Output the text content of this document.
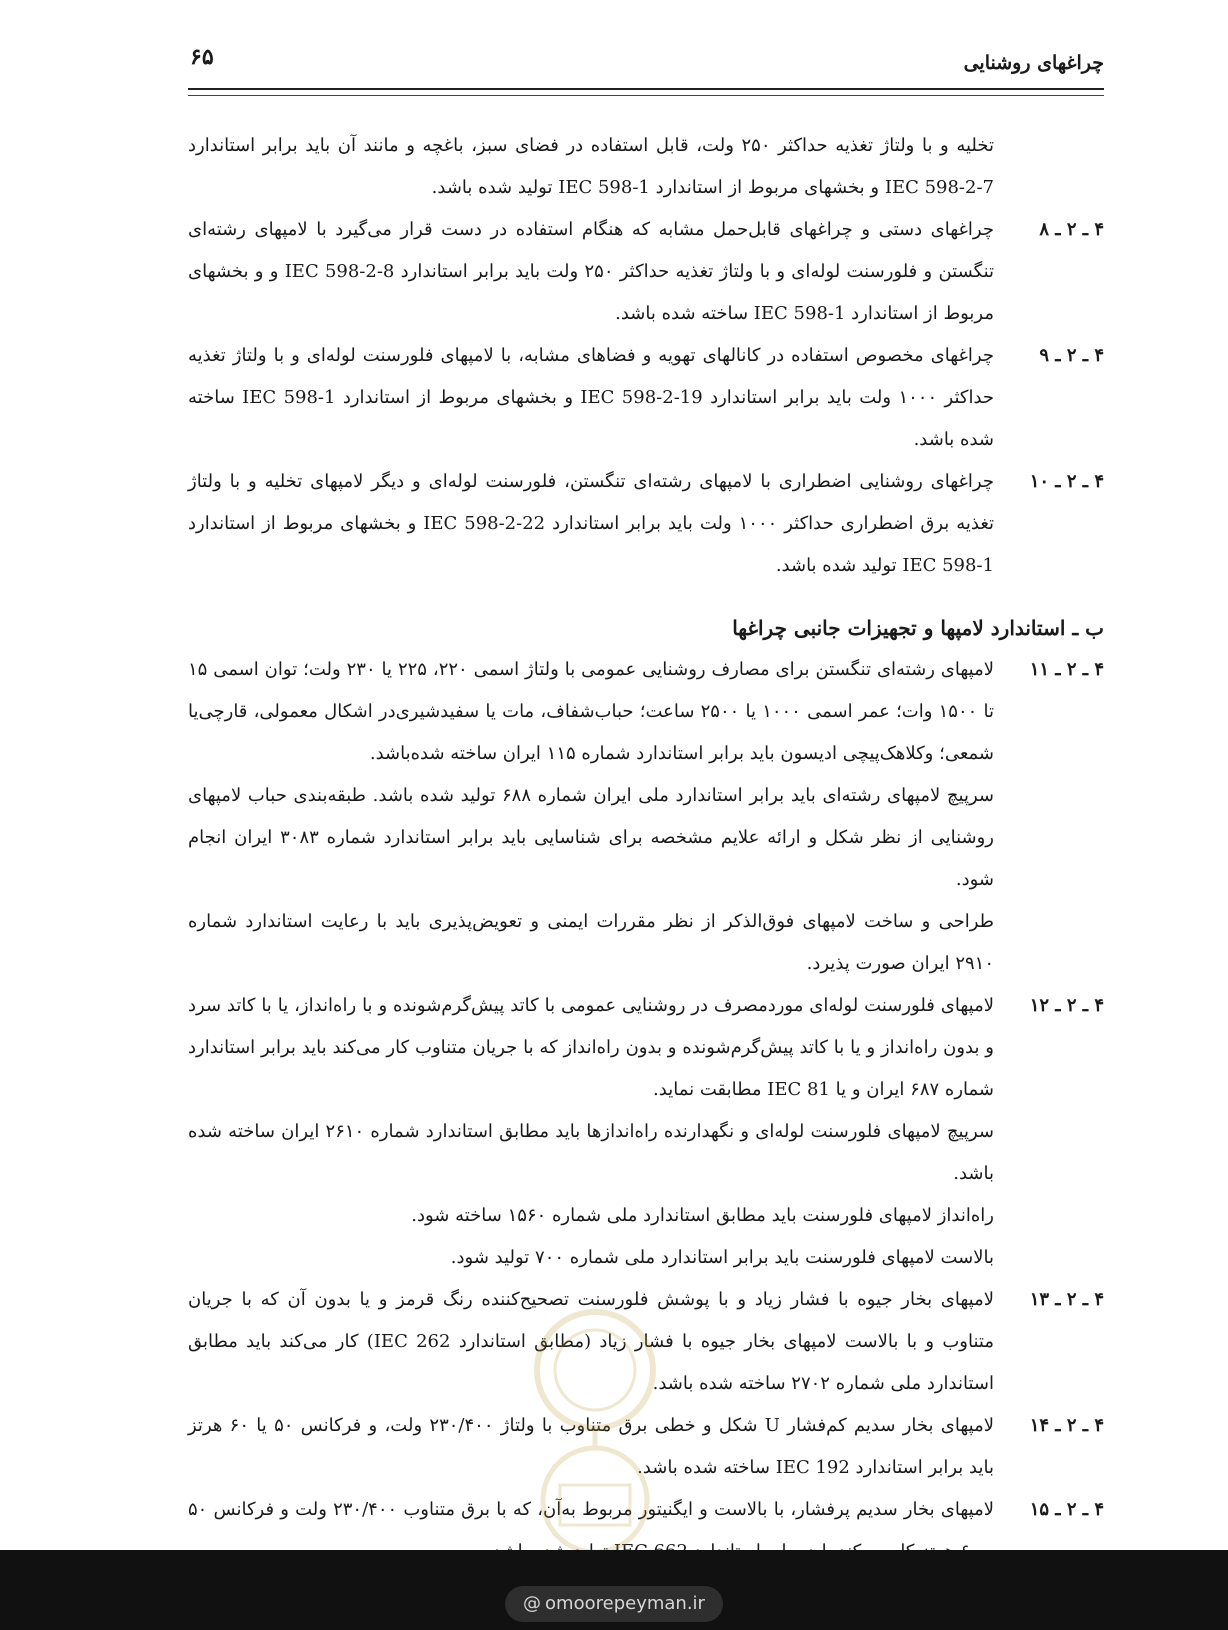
چراغهای روشنایی
۶۵

تخلیه و با ولتاژ تغذیه حداکثر ۲۵۰ ولت، قابل استفاده در فضای سبز، باغچه و مانند آن باید برابر استاندارد IEC 598-2-7 و بخشهای مربوط از استاندارد IEC 598-1 تولید شده باشد.

۴ ـ ۲ ـ ۸

چراغهای دستی و چراغهای قابل‌حمل مشابه که هنگام استفاده در دست قرار می‌گیرد با لامپهای رشته‌ای تنگستن و فلورسنت لوله‌ای و با ولتاژ تغذیه حداکثر ۲۵۰ ولت باید برابر استاندارد IEC 598-2-8 و و بخشهای مربوط از استاندارد IEC 598-1 ساخته شده باشد.

۴ ـ ۲ ـ ۹

چراغهای مخصوص استفاده در کانالهای تهویه و فضاهای مشابه، با لامپهای فلورسنت لوله‌ای و با ولتاژ تغذیه حداکثر ۱۰۰۰ ولت باید برابر استاندارد IEC 598-2-19 و بخشهای مربوط از استاندارد IEC 598-1 ساخته شده باشد.

۴ ـ ۲ ـ ۱۰

چراغهای روشنایی اضطراری با لامپهای رشته‌ای تنگستن، فلورسنت لوله‌ای و دیگر لامپهای تخلیه و با ولتاژ تغذیه برق اضطراری حداکثر ۱۰۰۰ ولت باید برابر استاندارد IEC 598-2-22 و بخشهای مربوط از استاندارد IEC 598-1 تولید شده باشد.

ب ـ استاندارد لامپها و تجهیزات جانبی چراغها

۴ ـ ۲ ـ ۱۱

لامپهای رشته‌ای تنگستن برای مصارف روشنایی عمومی با ولتاژ اسمی ۲۲۰، ۲۲۵ یا ۲۳۰ ولت؛ توان اسمی ۱۵ تا ۱۵۰۰ وات؛ عمر اسمی ۱۰۰۰ یا ۲۵۰۰ ساعت؛ حباب‌شفاف، مات یا سفیدشیری‌در اشکال معمولی، قارچی‌یا شمعی؛ وکلاهک‌پیچی ادیسون باید برابر استاندارد شماره ۱۱۵ ایران ساخته شده‌باشد.

سرپیچ لامپهای رشته‌ای باید برابر استاندارد ملی ایران شماره ۶۸۸ تولید شده باشد. طبقه‌بندی حباب لامپهای روشنایی از نظر شکل و ارائه علایم مشخصه برای شناسایی باید برابر استاندارد شماره ۳۰۸۳ ایران انجام شود.

طراحی و ساخت لامپهای فوق‌الذکر از نظر مقررات ایمنی و تعویض‌پذیری باید با رعایت استاندارد شماره ۲۹۱۰ ایران صورت پذیرد.

۴ ـ ۲ ـ ۱۲

لامپهای فلورسنت لوله‌ای موردمصرف در روشنایی عمومی با کاتد پیش‌گرم‌شونده و با راه‌انداز، یا با کاتد سرد و بدون راه‌انداز و یا با کاتد پیش‌گرم‌شونده و بدون راه‌انداز که با جریان متناوب کار می‌کند باید برابر استاندارد شماره ۶۸۷ ایران و یا IEC 81 مطابقت نماید.

سرپیچ لامپهای فلورسنت لوله‌ای و نگهدارنده راه‌اندازها باید مطابق استاندارد شماره ۲۶۱۰ ایران ساخته شده باشد.

راه‌انداز لامپهای فلورسنت باید مطابق استاندارد ملی شماره ۱۵۶۰ ساخته شود.

بالاست لامپهای فلورسنت باید برابر استاندارد ملی شماره ۷۰۰ تولید شود.

۴ ـ ۲ ـ ۱۳

لامپهای بخار جیوه با فشار زیاد و با پوشش فلورسنت تصحیح‌کننده رنگ قرمز و یا بدون آن که با جریان متناوب و با بالاست لامپهای بخار جیوه با فشار زیاد (مطابق استاندارد IEC 262) کار می‌کند باید مطابق استاندارد ملی شماره ۲۷۰۲ ساخته شده باشد.

۴ ـ ۲ ـ ۱۴

لامپهای بخار سدیم کم‌فشار U شکل و خطی برق متناوب با ولتاژ ۲۳۰/۴۰۰ ولت، و فرکانس ۵۰ یا ۶۰ هرتز باید برابر استاندارد IEC 192 ساخته شده باشد.

۴ ـ ۲ ـ ۱۵

لامپهای بخار سدیم پرفشار، با بالاست و ایگنیتور مربوط به‌آن، که با برق متناوب ۲۳۰/۴۰۰ ولت و فرکانس ۵۰

@ omoorepeyman.ir
